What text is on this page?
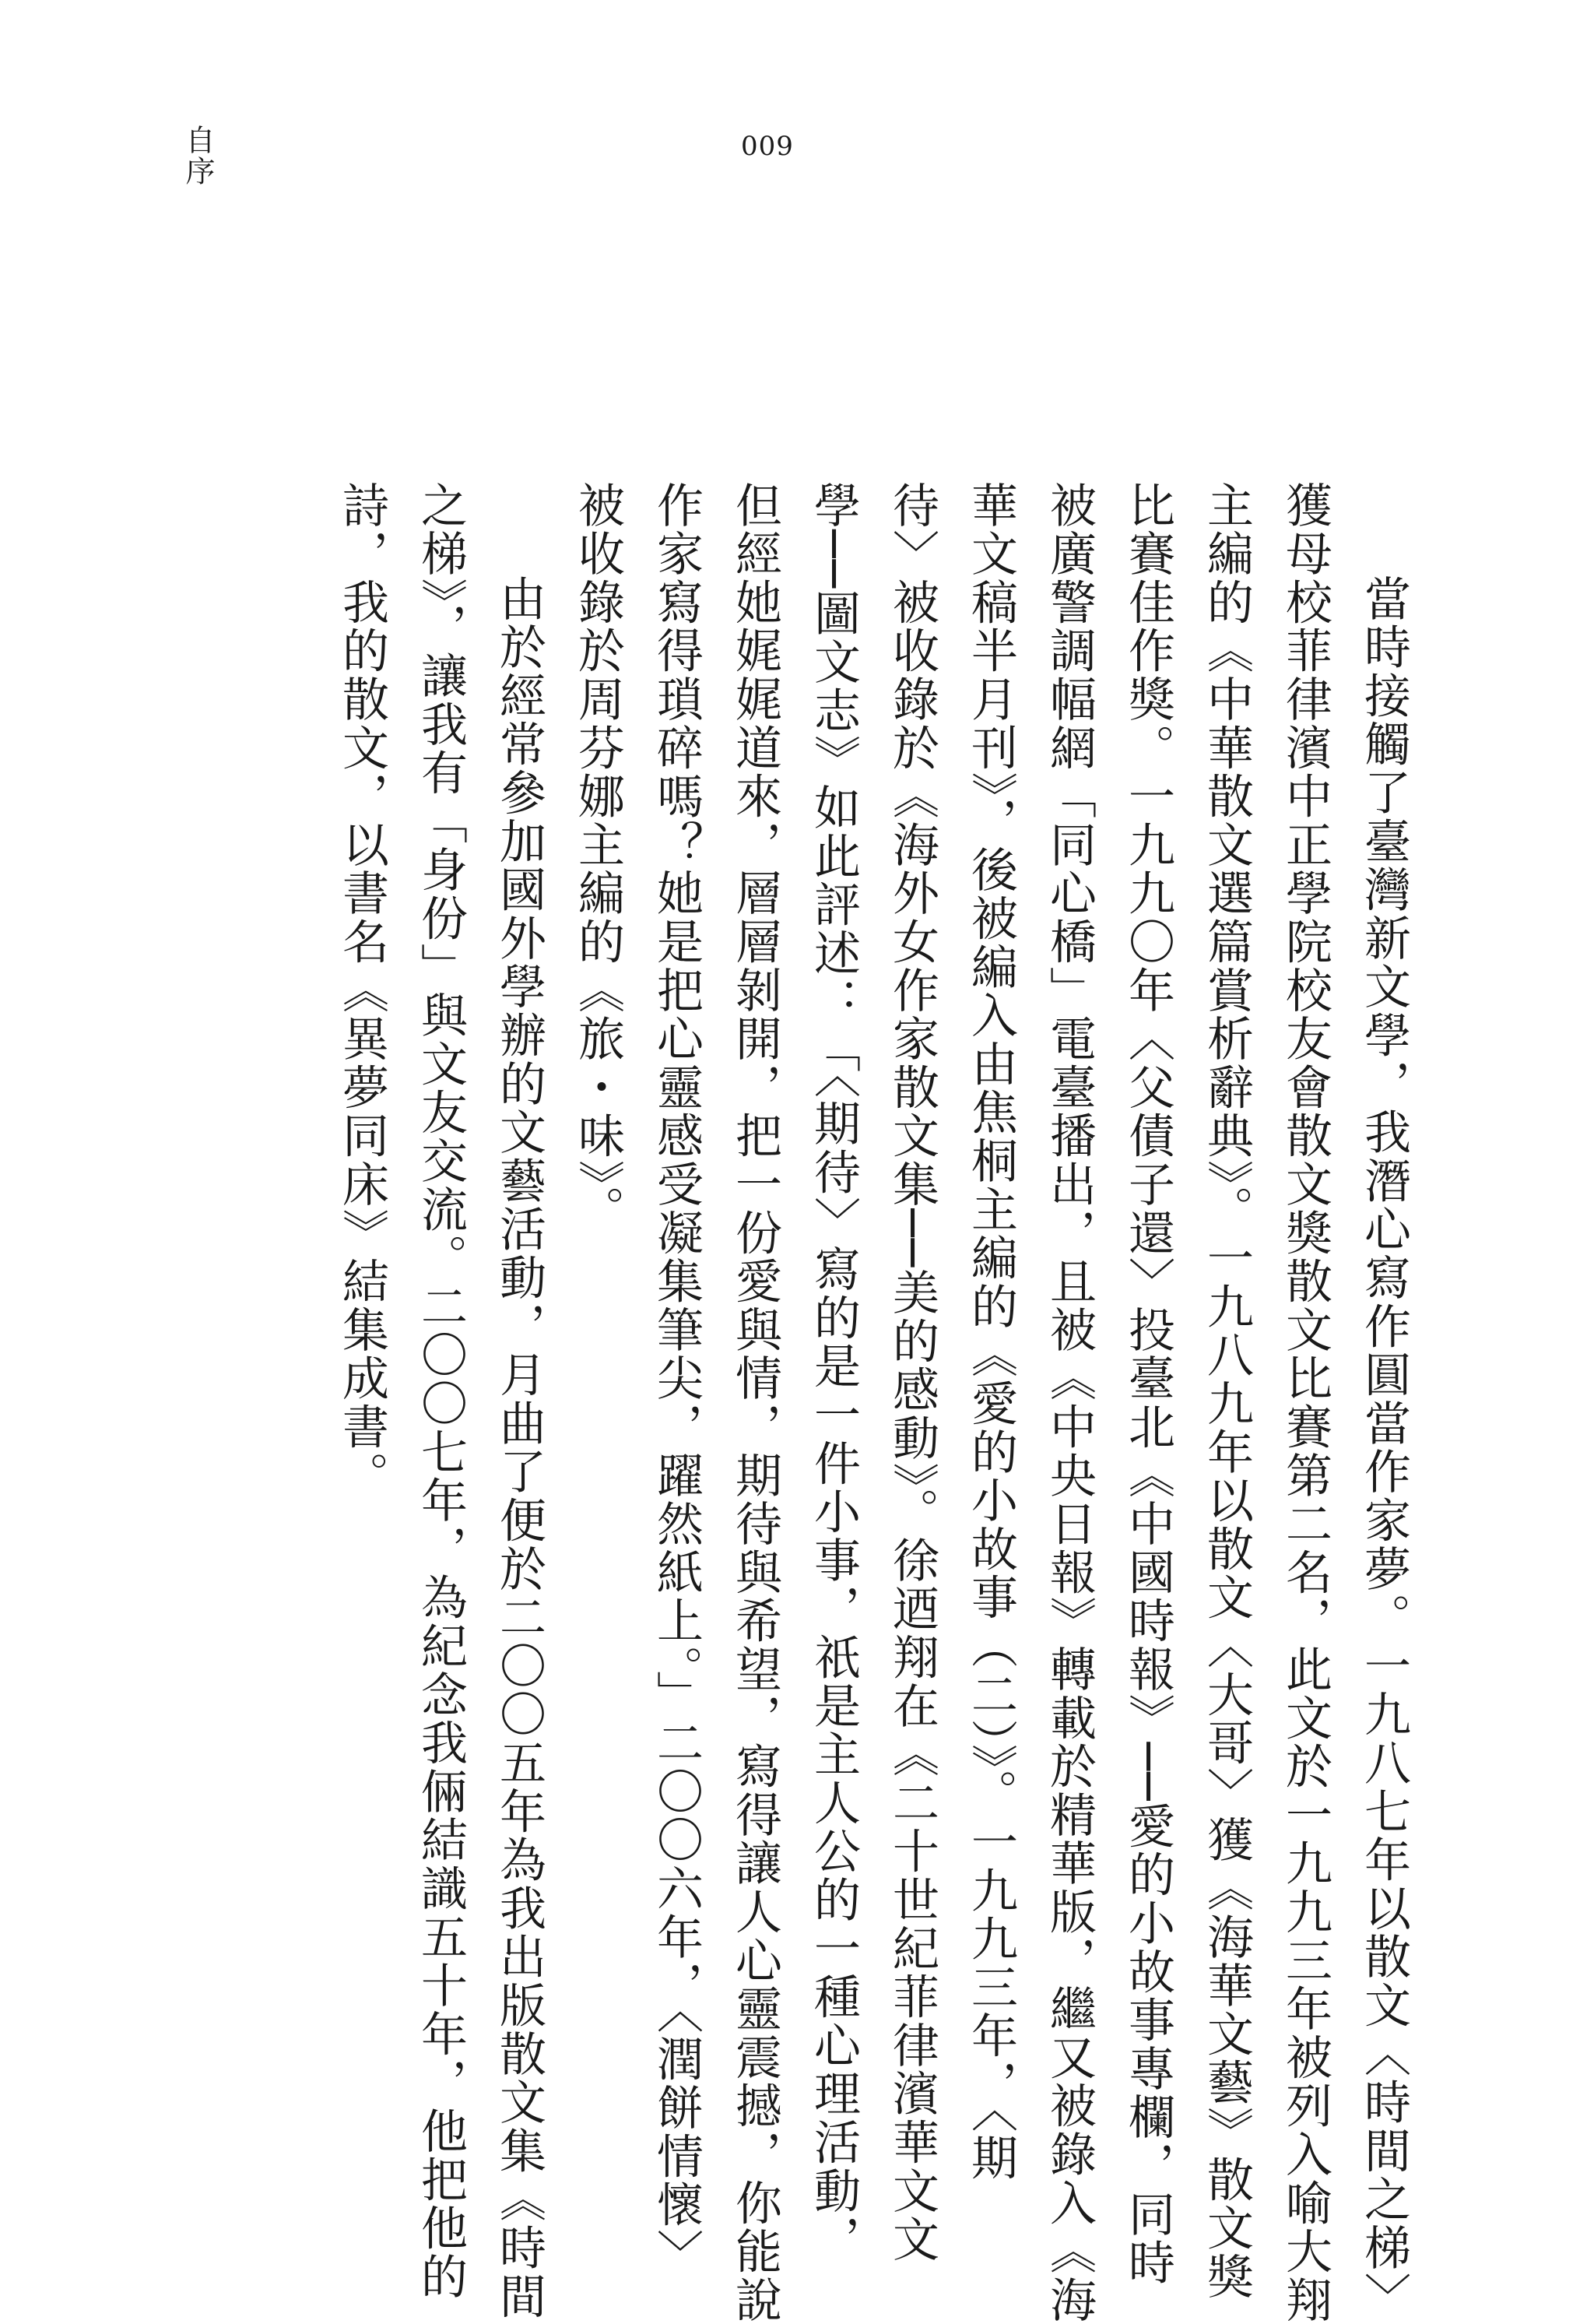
自序	009
當時接觸了臺灣新文學，我潛心寫作圓當作家夢。一九八七年以散文〈時間之梯〉
獲母校菲律濱中正學院校友會散文獎散文比賽第二名，此文於一九九三年被列入喻大翔
主編的《中華散文選篇賞析辭典》。一九八九年以散文〈大哥〉獲《海華文藝》散文獎
比賽佳作獎。一九九〇年〈父債子還〉投臺北《中國時報》──愛的小故事專欄，同時
被廣警調幅網「同心橋」電臺播出，且被《中央日報》轉載於精華版，繼又被錄入《海
華文稿半月刊》，後被編入由焦桐主編的《愛的小故事（二）》。一九九三年，〈期
待〉被收錄於《海外女作家散文集──美的感動》。徐迺翔在《二十世紀菲律濱華文文
學──圖文志》如此評述：「〈期待〉寫的是一件小事，祇是主人公的一種心理活動，
但經她娓娓道來，層層剝開，把一份愛與情，期待與希望，寫得讓人心靈震撼，你能說
作家寫得瑣碎嗎？她是把心靈感受凝集筆尖，躍然紙上。」二〇〇六年，〈潤餅情懷〉
被收錄於周芬娜主編的《旅・味》。
由於經常參加國外學辦的文藝活動，月曲了便於二〇〇五年為我出版散文集《時間
之梯》，讓我有「身份」與文友交流。二〇〇七年，為紀念我倆結識五十年，他把他的
詩，我的散文，以書名《異夢同床》結集成書。
